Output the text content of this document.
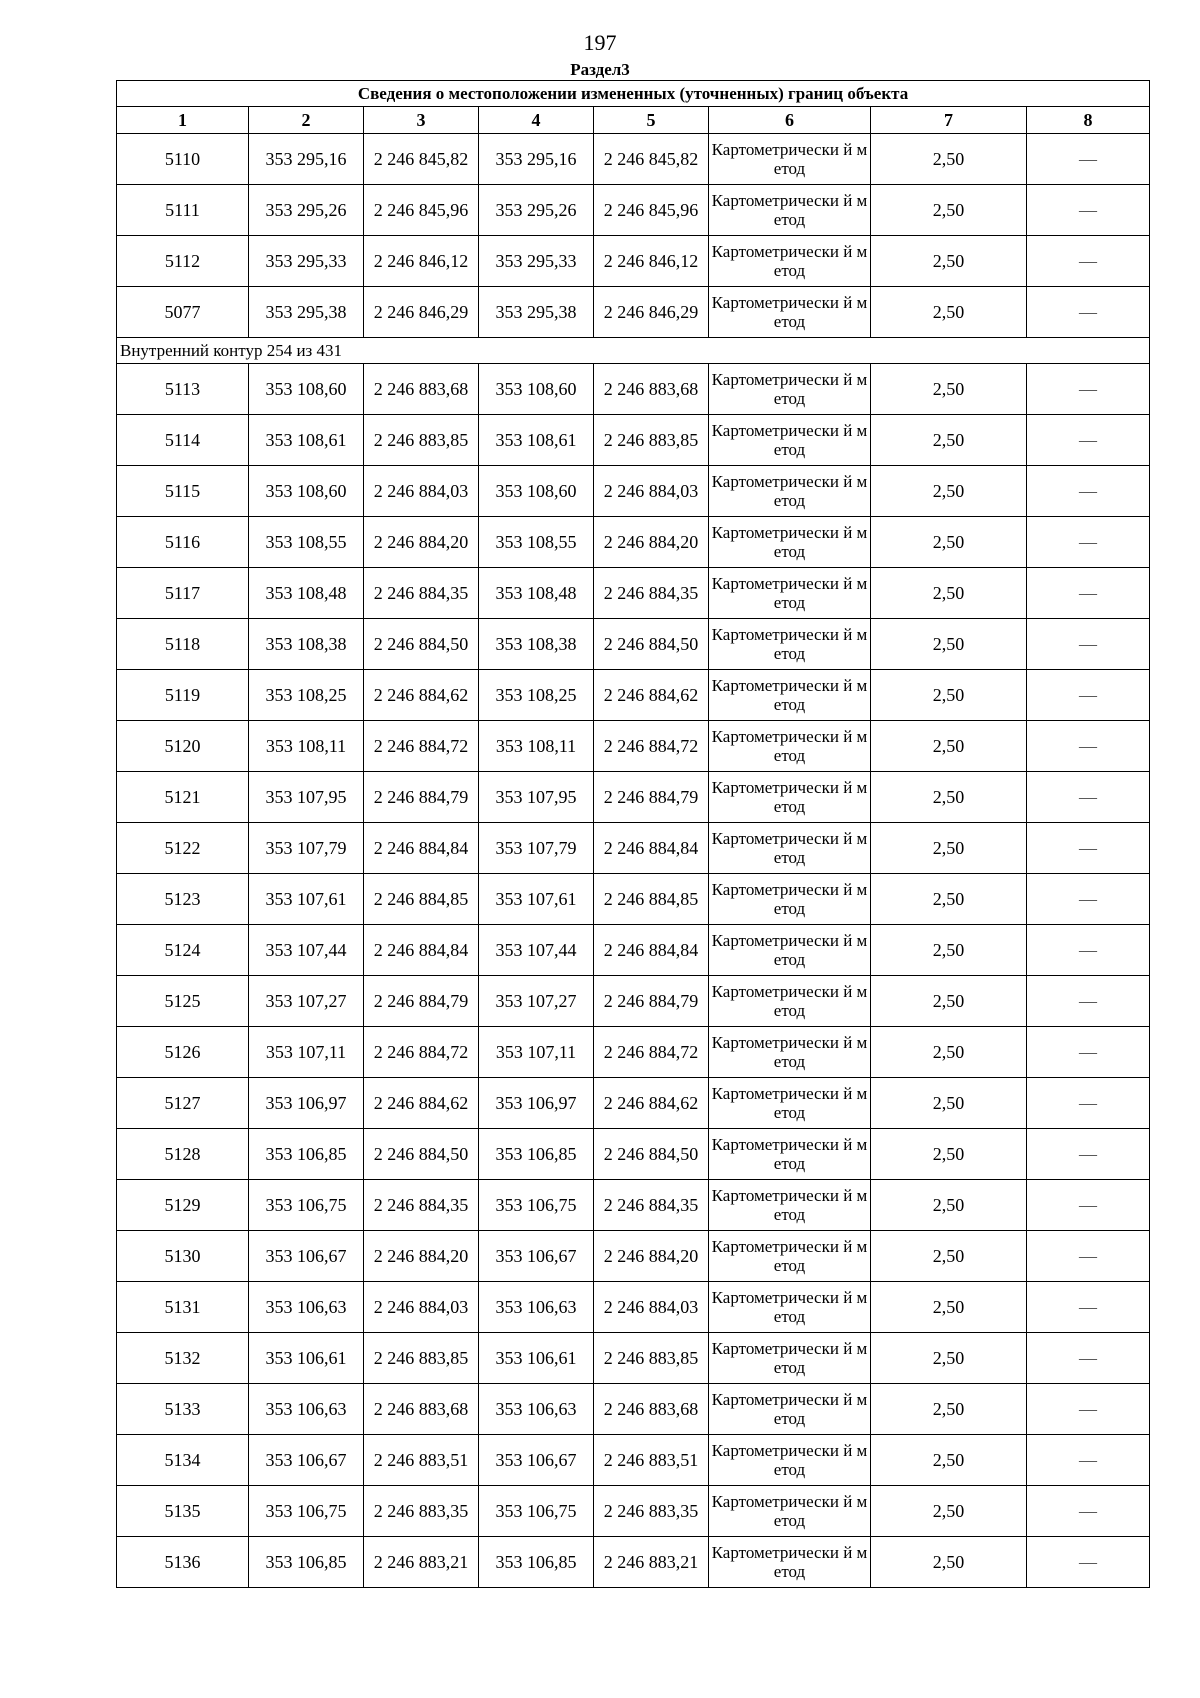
197
Раздел3
Сведения о местоположении измененных (уточненных) границ объекта							
1	2	3	4	5	6	7	8
5110	353 295,16	2 246 845,82	353 295,16	2 246 845,82	Картометрически й метод	2,50	—
5111	353 295,26	2 246 845,96	353 295,26	2 246 845,96	Картометрически й метод	2,50	—
5112	353 295,33	2 246 846,12	353 295,33	2 246 846,12	Картометрически й метод	2,50	—
5077	353 295,38	2 246 846,29	353 295,38	2 246 846,29	Картометрически й метод	2,50	—
Внутренний контур 254 из 431							
5113	353 108,60	2 246 883,68	353 108,60	2 246 883,68	Картометрически й метод	2,50	—
5114	353 108,61	2 246 883,85	353 108,61	2 246 883,85	Картометрически й метод	2,50	—
5115	353 108,60	2 246 884,03	353 108,60	2 246 884,03	Картометрически й метод	2,50	—
5116	353 108,55	2 246 884,20	353 108,55	2 246 884,20	Картометрически й метод	2,50	—
5117	353 108,48	2 246 884,35	353 108,48	2 246 884,35	Картометрически й метод	2,50	—
5118	353 108,38	2 246 884,50	353 108,38	2 246 884,50	Картометрически й метод	2,50	—
5119	353 108,25	2 246 884,62	353 108,25	2 246 884,62	Картометрически й метод	2,50	—
5120	353 108,11	2 246 884,72	353 108,11	2 246 884,72	Картометрически й метод	2,50	—
5121	353 107,95	2 246 884,79	353 107,95	2 246 884,79	Картометрически й метод	2,50	—
5122	353 107,79	2 246 884,84	353 107,79	2 246 884,84	Картометрически й метод	2,50	—
5123	353 107,61	2 246 884,85	353 107,61	2 246 884,85	Картометрически й метод	2,50	—
5124	353 107,44	2 246 884,84	353 107,44	2 246 884,84	Картометрически й метод	2,50	—
5125	353 107,27	2 246 884,79	353 107,27	2 246 884,79	Картометрически й метод	2,50	—
5126	353 107,11	2 246 884,72	353 107,11	2 246 884,72	Картометрически й метод	2,50	—
5127	353 106,97	2 246 884,62	353 106,97	2 246 884,62	Картометрически й метод	2,50	—
5128	353 106,85	2 246 884,50	353 106,85	2 246 884,50	Картометрически й метод	2,50	—
5129	353 106,75	2 246 884,35	353 106,75	2 246 884,35	Картометрически й метод	2,50	—
5130	353 106,67	2 246 884,20	353 106,67	2 246 884,20	Картометрически й метод	2,50	—
5131	353 106,63	2 246 884,03	353 106,63	2 246 884,03	Картометрически й метод	2,50	—
5132	353 106,61	2 246 883,85	353 106,61	2 246 883,85	Картометрически й метод	2,50	—
5133	353 106,63	2 246 883,68	353 106,63	2 246 883,68	Картометрически й метод	2,50	—
5134	353 106,67	2 246 883,51	353 106,67	2 246 883,51	Картометрически й метод	2,50	—
5135	353 106,75	2 246 883,35	353 106,75	2 246 883,35	Картометрически й метод	2,50	—
5136	353 106,85	2 246 883,21	353 106,85	2 246 883,21	Картометрически й метод	2,50	—
